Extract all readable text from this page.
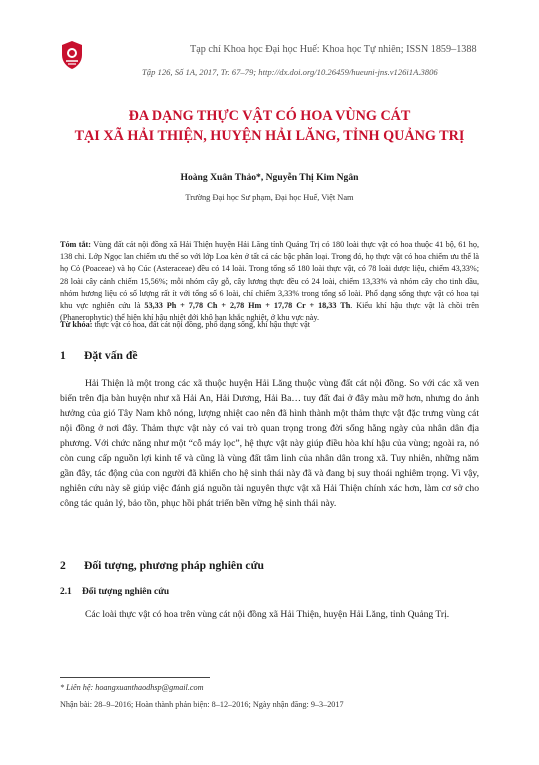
Tạp chí Khoa học Đại học Huế: Khoa học Tự nhiên; ISSN 1859–1388
Tập 126, Số 1A, 2017, Tr. 67–79; http://dx.doi.org/10.26459/hueuni-jns.v126i1A.3806
ĐA DẠNG THỰC VẬT CÓ HOA VÙNG CÁT
TẠI XÃ HẢI THIỆN, HUYỆN HẢI LĂNG, TỈNH QUẢNG TRỊ
Hoàng Xuân Thảo*, Nguyễn Thị Kim Ngân
Trường Đại học Sư phạm, Đại học Huế, Việt Nam
Tóm tắt: Vùng đất cát nội đồng xã Hải Thiện huyện Hải Lăng tỉnh Quảng Trị có 180 loài thực vật có hoa thuộc 41 bộ, 61 họ, 138 chi. Lớp Ngọc lan chiếm ưu thế so với lớp Loa kèn ở tất cả các bậc phân loại. Trong đó, họ thực vật có hoa chiếm ưu thế là họ Cỏ (Poaceae) và họ Cúc (Asteraceae) đều có 14 loài. Trong tổng số 180 loài thực vật, có 78 loài dược liệu, chiếm 43,33%; 28 loài cây cảnh chiếm 15,56%; mỗi nhóm cây gỗ, cây lương thực đều có 24 loài, chiếm 13,33% và nhóm cây cho tinh dầu, nhóm hương liệu có số lượng rất ít với tổng số 6 loài, chỉ chiếm 3,33% trong tổng số loài. Phổ dạng sống thực vật có hoa tại khu vực nghiên cứu là 53,33 Ph + 7,78 Ch + 2,78 Hm + 17,78 Cr + 18,33 Th. Kiểu khí hậu thực vật là chồi trên (Phanerophytic) thể hiện khí hậu nhiệt đới khô hạn khắc nghiệt, ở khu vực này.
Từ khóa: thực vật có hoa, đất cát nội đồng, phổ dạng sống, khí hậu thực vật
1 Đặt vấn đề
Hải Thiện là một trong các xã thuộc huyện Hải Lăng thuộc vùng đất cát nội đồng. So với các xã ven biển trên địa bàn huyện như xã Hải An, Hải Dương, Hải Ba… tuy đất đai ở đây màu mỡ hơn, nhưng do ảnh hưởng của gió Tây Nam khô nóng, lượng nhiệt cao nên đã hình thành một thảm thực vật đặc trưng vùng cát nội đồng ở nơi đây. Thảm thực vật này có vai trò quan trọng trong đời sống hằng ngày của nhân dân địa phương. Với chức năng như một “cỗ máy lọc”, hệ thực vật này giúp điều hòa khí hậu của vùng; ngoài ra, nó còn cung cấp nguồn lợi kinh tế và cũng là vùng đất tâm linh của nhân dân trong xã. Tuy nhiên, những năm gần đây, tác động của con người đã khiến cho hệ sinh thái này đã và đang bị suy thoái nghiêm trọng. Vì vậy, nghiên cứu này sẽ giúp việc đánh giá nguồn tài nguyên thực vật xã Hải Thiện chính xác hơn, làm cơ sở cho công tác quản lý, bảo tồn, phục hồi phát triển bền vững hệ sinh thái này.
2 Đối tượng, phương pháp nghiên cứu
2.1 Đối tượng nghiên cứu
Các loài thực vật có hoa trên vùng cát nội đồng xã Hải Thiện, huyện Hải Lăng, tỉnh Quảng Trị.
* Liên hệ: hoangxuanthaodhsp@gmail.com
Nhận bài: 28–9–2016; Hoàn thành phản biện: 8–12–2016; Ngày nhận đăng: 9–3–2017
